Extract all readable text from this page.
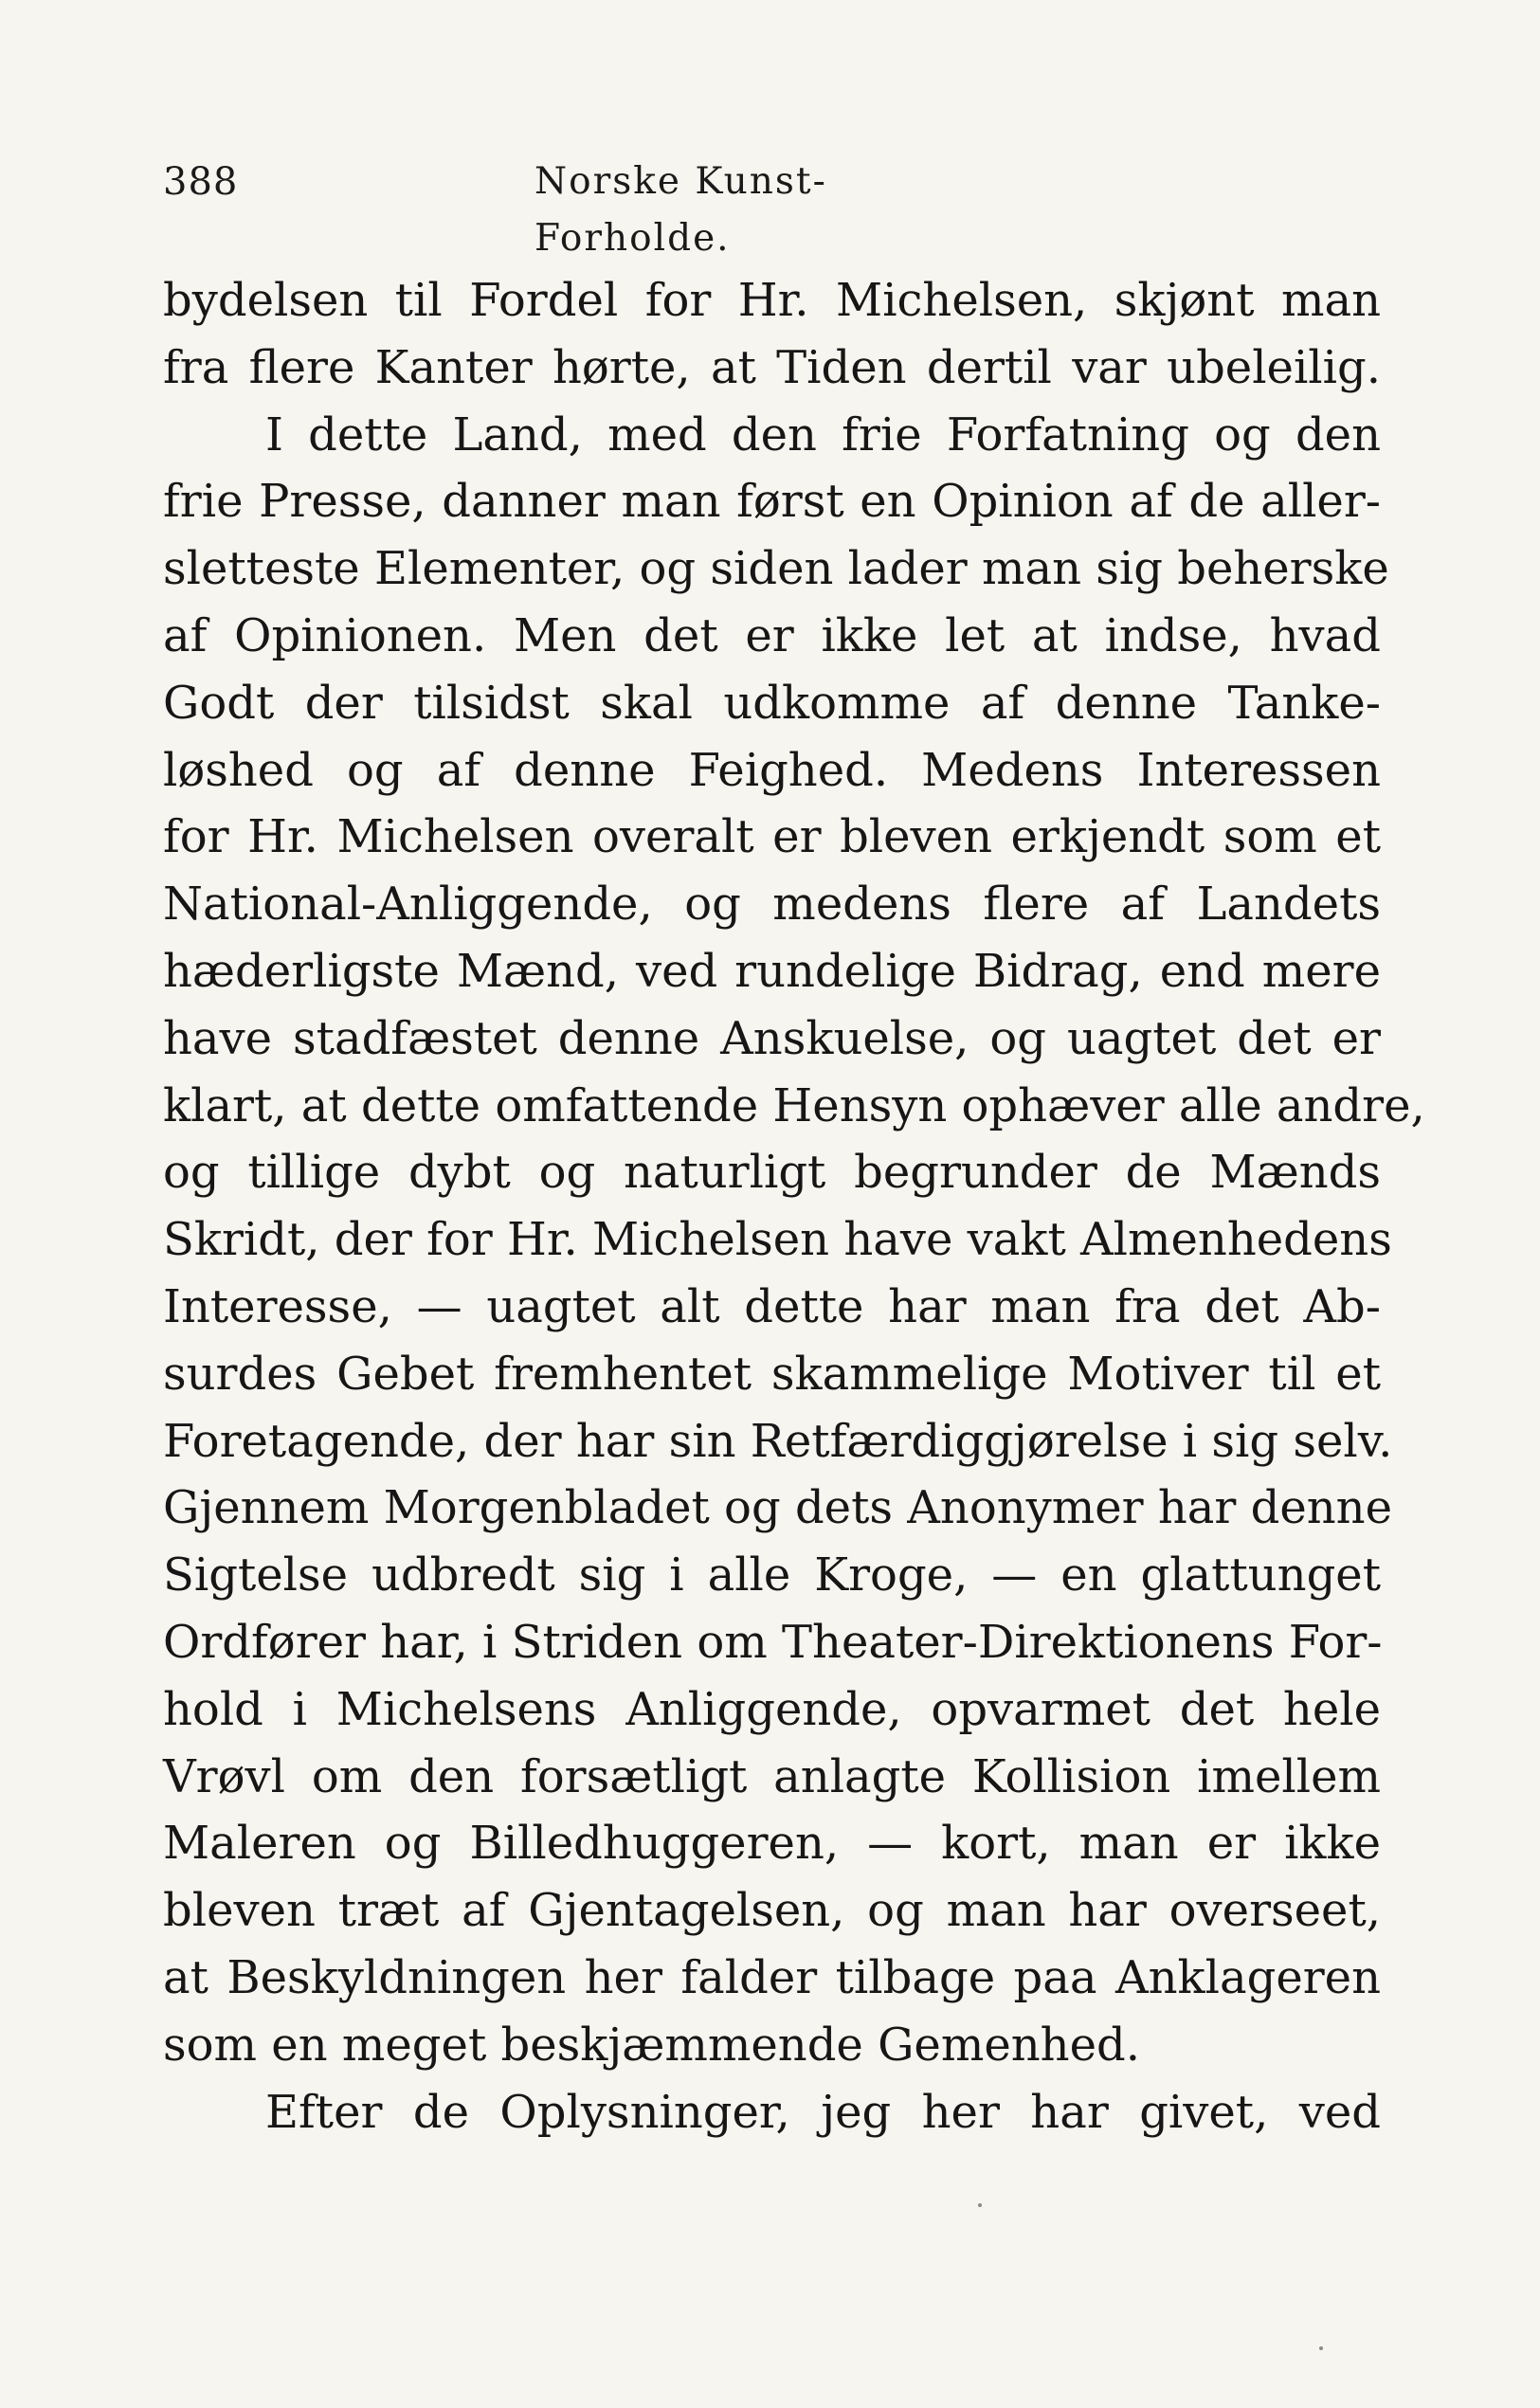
388	Norske Kunst-Forholde.
bydelsen til Fordel for Hr. Michelsen, skjønt man
fra flere Kanter hørte, at Tiden dertil var ubeleilig.
I dette Land, med den frie Forfatning og den
frie Presse, danner man først en Opinion af de aller-
sletteste Elementer, og siden lader man sig beherske
af Opinionen. Men det er ikke let at indse, hvad
Godt der tilsidst skal udkomme af denne Tanke-
løshed og af denne Feighed. Medens Interessen
for Hr. Michelsen overalt er bleven erkjendt som et
National-Anliggende, og medens flere af Landets
hæderligste Mænd, ved rundelige Bidrag, end mere
have stadfæstet denne Anskuelse, og uagtet det er
klart, at dette omfattende Hensyn ophæver alle andre,
og tillige dybt og naturligt begrunder de Mænds
Skridt, der for Hr. Michelsen have vakt Almenhedens
Interesse, — uagtet alt dette har man fra det Ab-
surdes Gebet fremhentet skammelige Motiver til et
Foretagende, der har sin Retfærdiggjørelse i sig selv.
Gjennem Morgenbladet og dets Anonymer har denne
Sigtelse udbredt sig i alle Kroge, — en glattunget
Ordfører har, i Striden om Theater-Direktionens For-
hold i Michelsens Anliggende, opvarmet det hele
Vrøvl om den forsætligt anlagte Kollision imellem
Maleren og Billedhuggeren, — kort, man er ikke
bleven træt af Gjentagelsen, og man har overseet,
at Beskyldningen her falder tilbage paa Anklageren
som en meget beskjæmmende Gemenhed.
Efter de Oplysninger, jeg her har givet, ved
